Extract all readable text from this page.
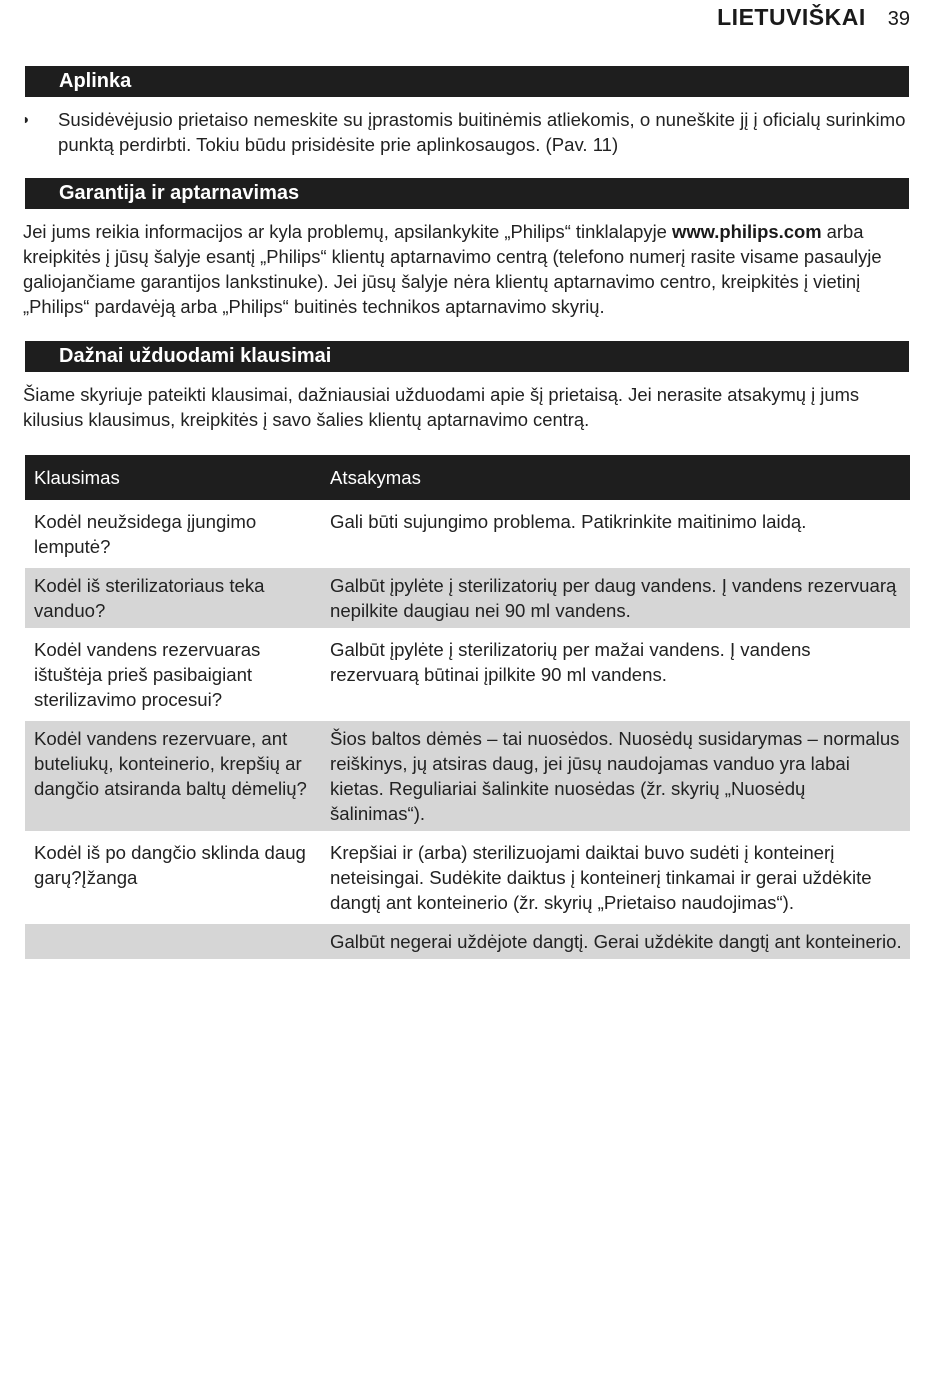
LIETUVIŠKAI 39
Aplinka
◗	Susidėvėjusio prietaiso nemeskite su įprastomis buitinėmis atliekomis, o nuneškite jį į oficialų surinkimo punktą perdirbti. Tokiu būdu prisidėsite prie aplinkosaugos. (Pav. 11)
Garantija ir aptarnavimas
Jei jums reikia informacijos ar kyla problemų, apsilankykite „Philips“ tinklalapyje www.philips.com arba kreipkitės į jūsų šalyje esantį „Philips“ klientų aptarnavimo centrą (telefono numerį rasite visame pasaulyje galiojančiame garantijos lankstinuke). Jei jūsų šalyje nėra klientų aptarnavimo centro, kreipkitės į vietinį „Philips“ pardavėją arba „Philips“ buitinės technikos aptarnavimo skyrių.
Dažnai užduodami klausimai
Šiame skyriuje pateikti klausimai, dažniausiai užduodami apie šį prietaisą. Jei nerasite atsakymų į jums kilusius klausimus, kreipkitės į savo šalies klientų aptarnavimo centrą.
Klausimas	Atsakymas
Kodėl neužsidega įjungimo lemputė?
Gali būti sujungimo problema. Patikrinkite maitinimo laidą.
Kodėl iš sterilizatoriaus teka vanduo?
Galbūt įpylėte į sterilizatorių per daug vandens. Į vandens rezervuarą nepilkite daugiau nei 90 ml vandens.
Kodėl vandens rezervuaras ištuštėja prieš pasibaigiant sterilizavimo procesui?
Galbūt įpylėte į sterilizatorių per mažai vandens. Į vandens rezervuarą būtinai įpilkite 90 ml vandens.
Kodėl vandens rezervuare, ant buteliukų, konteinerio, krepšių ar dangčio atsiranda baltų dėmelių?
Šios baltos dėmės – tai nuosėdos. Nuosėdų susidarymas – normalus reiškinys, jų atsiras daug, jei jūsų naudojamas vanduo yra labai kietas. Reguliariai šalinkite nuosėdas (žr. skyrių „Nuosėdų šalinimas“).
Kodėl iš po dangčio sklinda daug garų?Įžanga
Krepšiai ir (arba) sterilizuojami daiktai buvo sudėti į konteinerį neteisingai. Sudėkite daiktus į konteinerį tinkamai ir gerai uždėkite dangtį ant konteinerio (žr. skyrių „Prietaiso naudojimas“).
Galbūt negerai uždėjote dangtį. Gerai uždėkite dangtį ant konteinerio.
